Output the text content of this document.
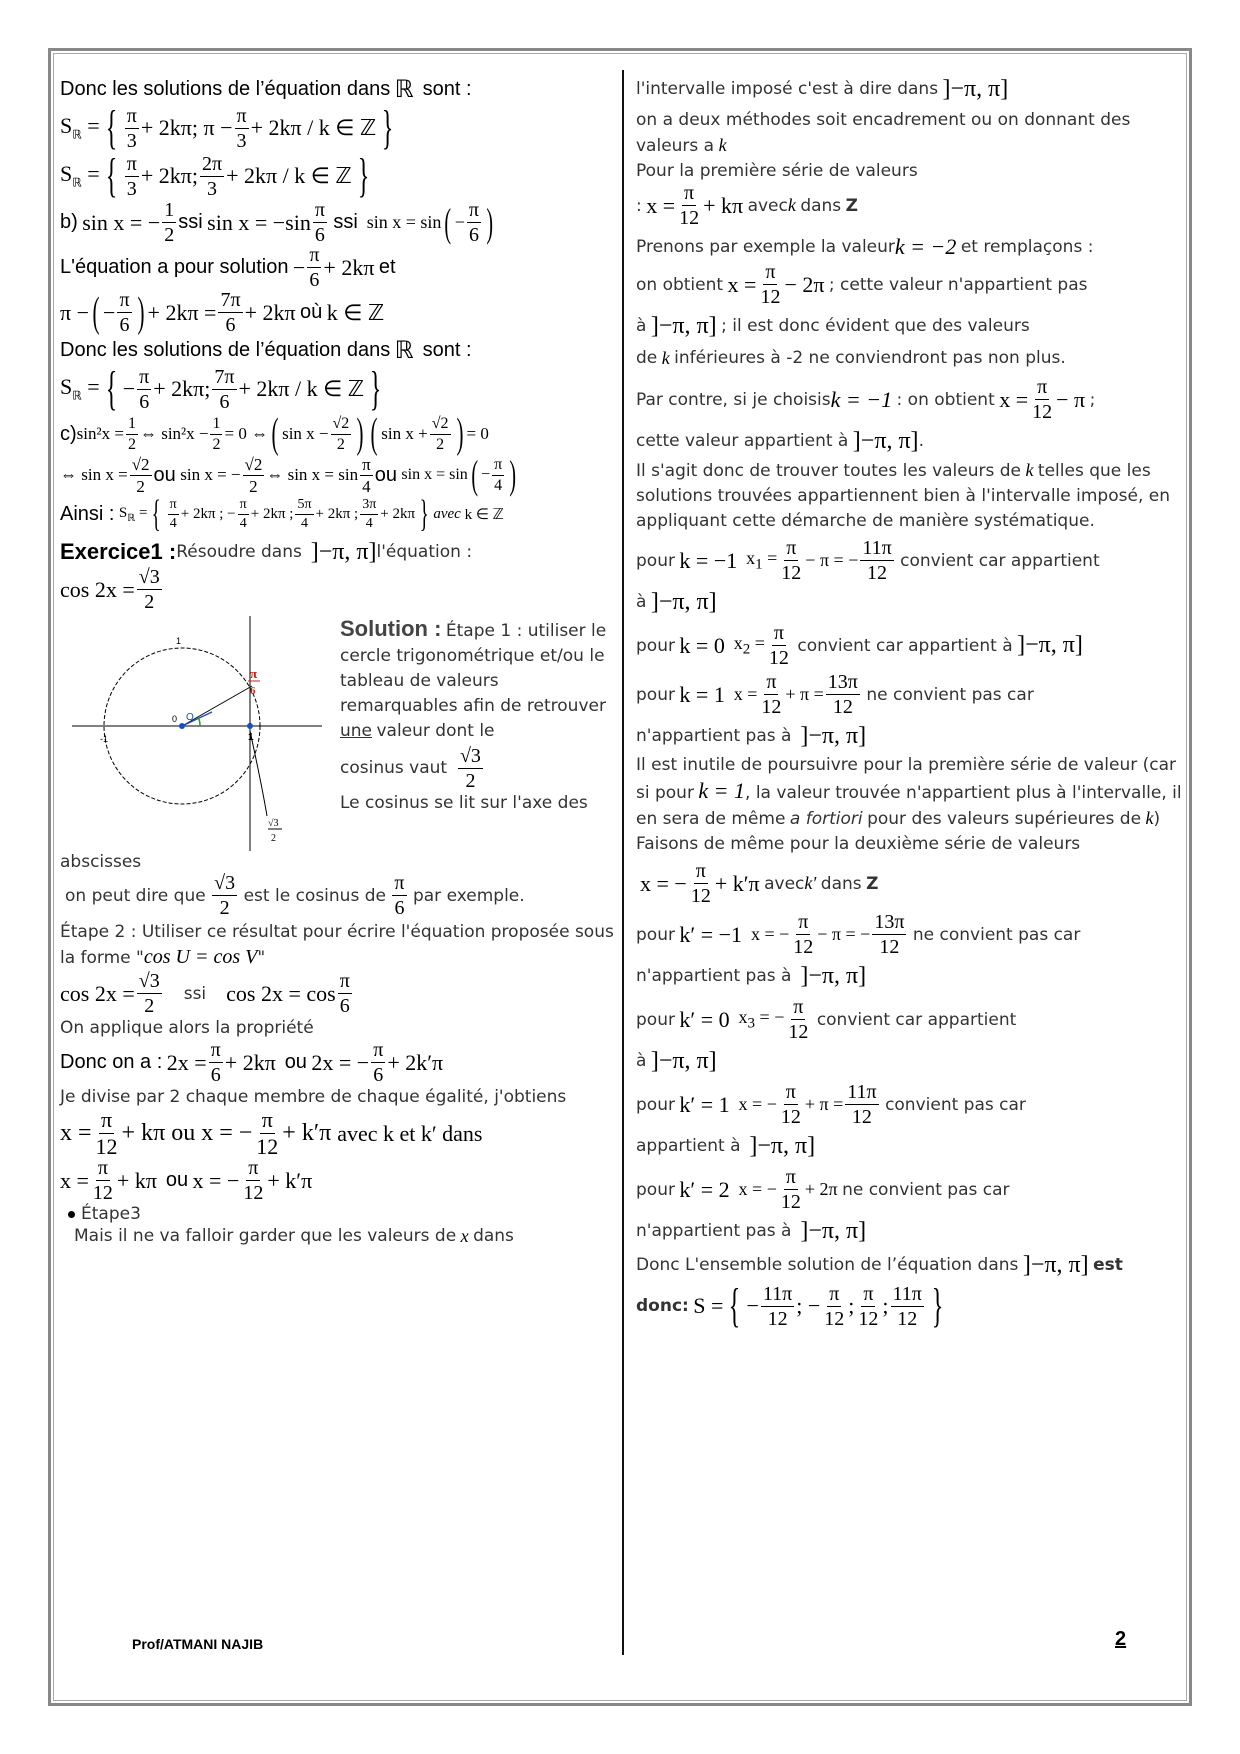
Donc les solutions de l’équation dans
ℝ
sont :
$S_ℝ$ = { $\frac{\pi}{3} + 2k\pi$; $\pi - \frac{\pi}{3} + 2k\pi / k$ ∈ ℤ }
$S_ℝ$ = { $\frac{\pi}{3} + 2k\pi$; $\frac{2\pi}{3} + 2k\pi / k$ ∈ ℤ }
b)
sin x = − $\frac{1}{2}$ ssi
$\sin x = -\sin \frac{\pi}{6}$
ssi
sin x = sin ( − $\frac{\pi}{6}$ )
L'équation a pour solution
− $\frac{\pi}{6} + 2k\pi$
et
π − ( − $\frac{\pi}{6}$ ) + $2k\pi = \frac{7\pi}{6} + 2k\pi$
où
k ∈ ℤ
Donc les solutions de l’équation dans
ℝ
sont :
$S_ℝ$ = { − $\frac{\pi}{6} + 2k\pi$; $\frac{7\pi}{6} + 2k\pi / k$ ∈ ℤ }
c) $\sin^2x = \frac{1}{2}$ ⇔ $\sin^2x - \frac{1}{2} = 0$ ⇔ ( $\sin x - \frac{√2}{2}$ ) ( $\sin x + \frac{√2}{2}$ ) = 0
⇔ $\sin x = \frac{√2}{2}$ ou
sin x = − $\frac{√2}{2}$ ⇔ $\sin x = \sin \frac{\pi}{4}$ ou
sin x = sin ( − $\frac{\pi}{4}$ )
Ainsi :
$S_ℝ$ = { $\frac{\pi}{4} + 2k\pi$ ; − $\frac{\pi}{4} + 2k\pi$ ; $\frac{5\pi}{4} + 2k\pi$ ; $\frac{3\pi}{4} + 2k\pi$ } avec k ∈ ℤ
Exercice1 : Résoudre dans
]−π, π] l'équation :
$\cos 2x = \frac{√3}{2}$
π
6
1
-1
0 O
1
√3
2
Solution : Étape 1 : utiliser le cercle trigonométrique et/ou le tableau de valeurs remarquables afin de retrouver une valeur dont le
cosinus vaut
$\frac{√3}{2}$
Le cosinus se lit sur l'axe des
abscisses
on peut dire que
$\frac{√3}{2}$
est le cosinus de
$\frac{\pi}{6}$
par exemple.
Étape 2 : Utiliser ce résultat pour écrire l'équation proposée sous la forme "cos U = cos V"
$\cos 2x = \frac{√3}{2}$ ssi $\cos 2x = \cos \frac{\pi}{6}$
On applique alors la propriété
Donc on a :
$2x = \frac{\pi}{6} + 2k\pi$
ou
2x = − $\frac{\pi}{6} + 2k'\pi$
Je divise par 2 chaque membre de chaque égalité, j'obtiens
$x = \frac{\pi}{12} + k\pi$ ou x = − $\frac{\pi}{12} + k'\pi$ avec k et k′ dans
$x = \frac{\pi}{12} + k\pi$
ou
x = − $\frac{\pi}{12} + k'\pi$
Étape3
Mais il ne va falloir garder que les valeurs de
x
dans
l'intervalle imposé c'est à dire dans
]−π, π]
on a deux méthodes soit encadrement ou on donnant des valeurs a k
Pour la première série de valeurs
:
$x = \frac{\pi}{12} + k\pi$
avec k
dans
Z
Prenons par exemple la valeur k = −2
et remplaçons :
on obtient
$x = \frac{\pi}{12} - 2\pi$
; cette valeur n'appartient pas
à
]−π, π]
; il est donc évident que des valeurs
de
k
inférieures à -2 ne conviendront pas non plus.
Par contre, si je choisis k = −1
: on obtient
$x = \frac{\pi}{12} - \pi$
;
cette valeur appartient à
]−π, π] .
Il s'agit donc de trouver toutes les valeurs de k telles que les solutions trouvées appartiennent bien à l'intervalle imposé, en appliquant cette démarche de manière systématique.
pour
k = −1
$x_1 = \frac{\pi}{12} - \pi$ = − $\frac{11\pi}{12}$
convient car appartient
à
]−π, π]
pour
k = 0
$x_2 = \frac{\pi}{12}$
convient car appartient à
]−π, π]
pour
k = 1
$x = \frac{\pi}{12} + \pi = \frac{13\pi}{12}$
ne convient pas car
n'appartient pas à
]−π, π]
Il est inutile de poursuivre pour la première série de valeur (car si pour k = 1, la valeur trouvée n'appartient plus à l'intervalle, il en sera de même a fortiori pour des valeurs supérieures de k)
Faisons de même pour la deuxième série de valeurs
x = − $\frac{\pi}{12} + k'\pi$
avec k′
dans
Z
pour
k′ = −1
x = − $\frac{\pi}{12} - \pi$ = − $\frac{13\pi}{12}$
ne convient pas car
n'appartient pas à
]−π, π]
pour
k′ = 0
$x_3$ = − $\frac{\pi}{12}$
convient car appartient
à
]−π, π]
pour
k′ = 1
x = − $\frac{\pi}{12} + \pi = \frac{11\pi}{12}$
convient pas car
appartient à
]−π, π]
pour
k′ = 2
x = − $\frac{\pi}{12} + 2\pi$
ne convient pas car
n'appartient pas à
]−π, π]
Donc L'ensemble solution de l’équation dans
]−π, π]
est
donc:
S = { − $\frac{11\pi}{12}$ ; − $\frac{\pi}{12}$ ; $\frac{\pi}{12}$ ; $\frac{11\pi}{12}$ }
Prof/ATMANI NAJIB	2
